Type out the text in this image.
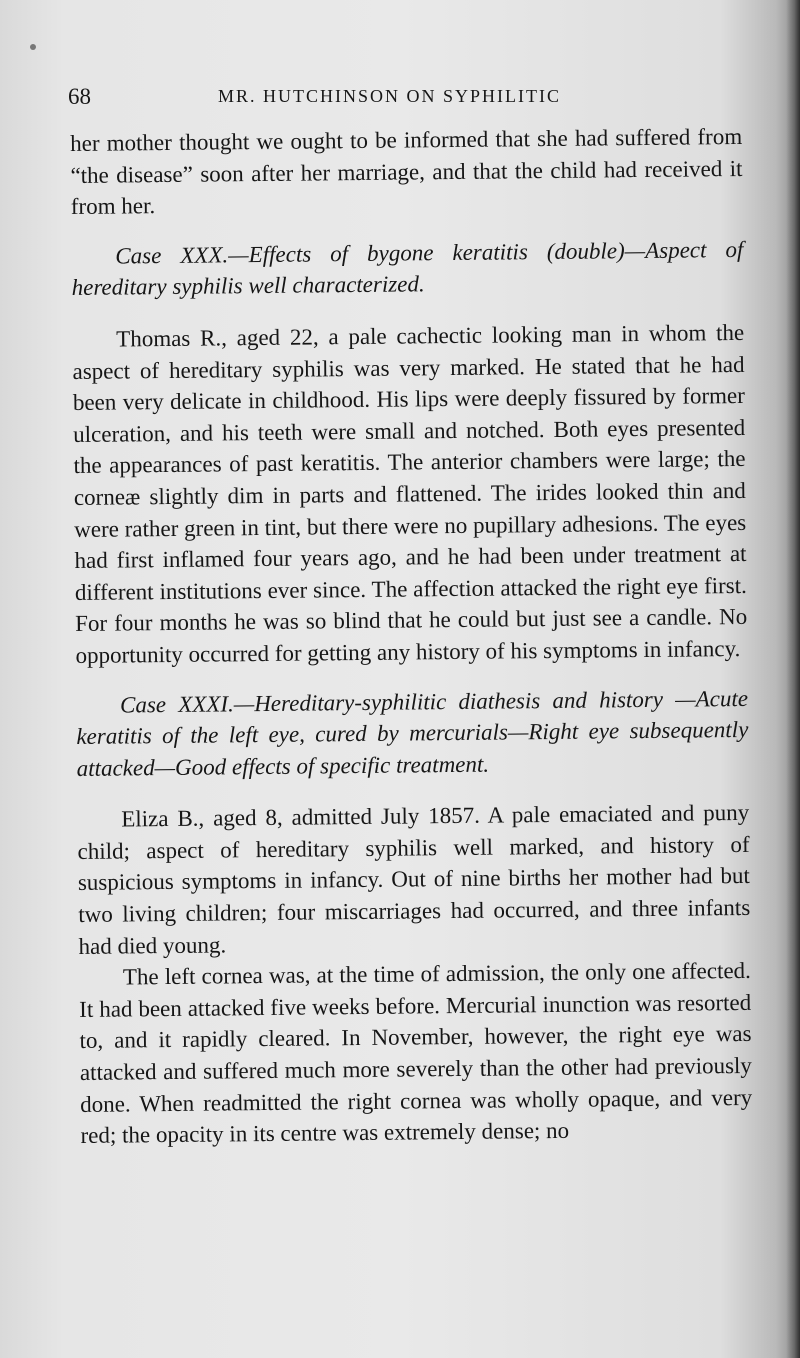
68	MR. HUTCHINSON ON SYPHILITIC

her mother thought we ought to be informed that she had suffered from “the disease” soon after her marriage, and that the child had received it from her.

Case XXX.—Effects of bygone keratitis (double)—Aspect of hereditary syphilis well characterized.

Thomas R., aged 22, a pale cachectic looking man in whom the aspect of hereditary syphilis was very marked. He stated that he had been very delicate in childhood. His lips were deeply fissured by former ulceration, and his teeth were small and notched. Both eyes presented the appearances of past keratitis. The anterior chambers were large; the corneæ slightly dim in parts and flattened. The irides looked thin and were rather green in tint, but there were no pupillary adhesions. The eyes had first inflamed four years ago, and he had been under treatment at different institutions ever since. The affection attacked the right eye first. For four months he was so blind that he could but just see a candle. No opportunity occurred for getting any history of his symptoms in infancy.

Case XXXI.—Hereditary-syphilitic diathesis and history —Acute keratitis of the left eye, cured by mercurials—Right eye subsequently attacked—Good effects of specific treatment.

Eliza B., aged 8, admitted July 1857. A pale emaciated and puny child; aspect of hereditary syphilis well marked, and history of suspicious symptoms in infancy. Out of nine births her mother had but two living children; four miscarriages had occurred, and three infants had died young.

The left cornea was, at the time of admission, the only one affected. It had been attacked five weeks before. Mercurial inunction was resorted to, and it rapidly cleared. In November, however, the right eye was attacked and suffered much more severely than the other had previously done. When readmitted the right cornea was wholly opaque, and very red; the opacity in its centre was extremely dense; no
